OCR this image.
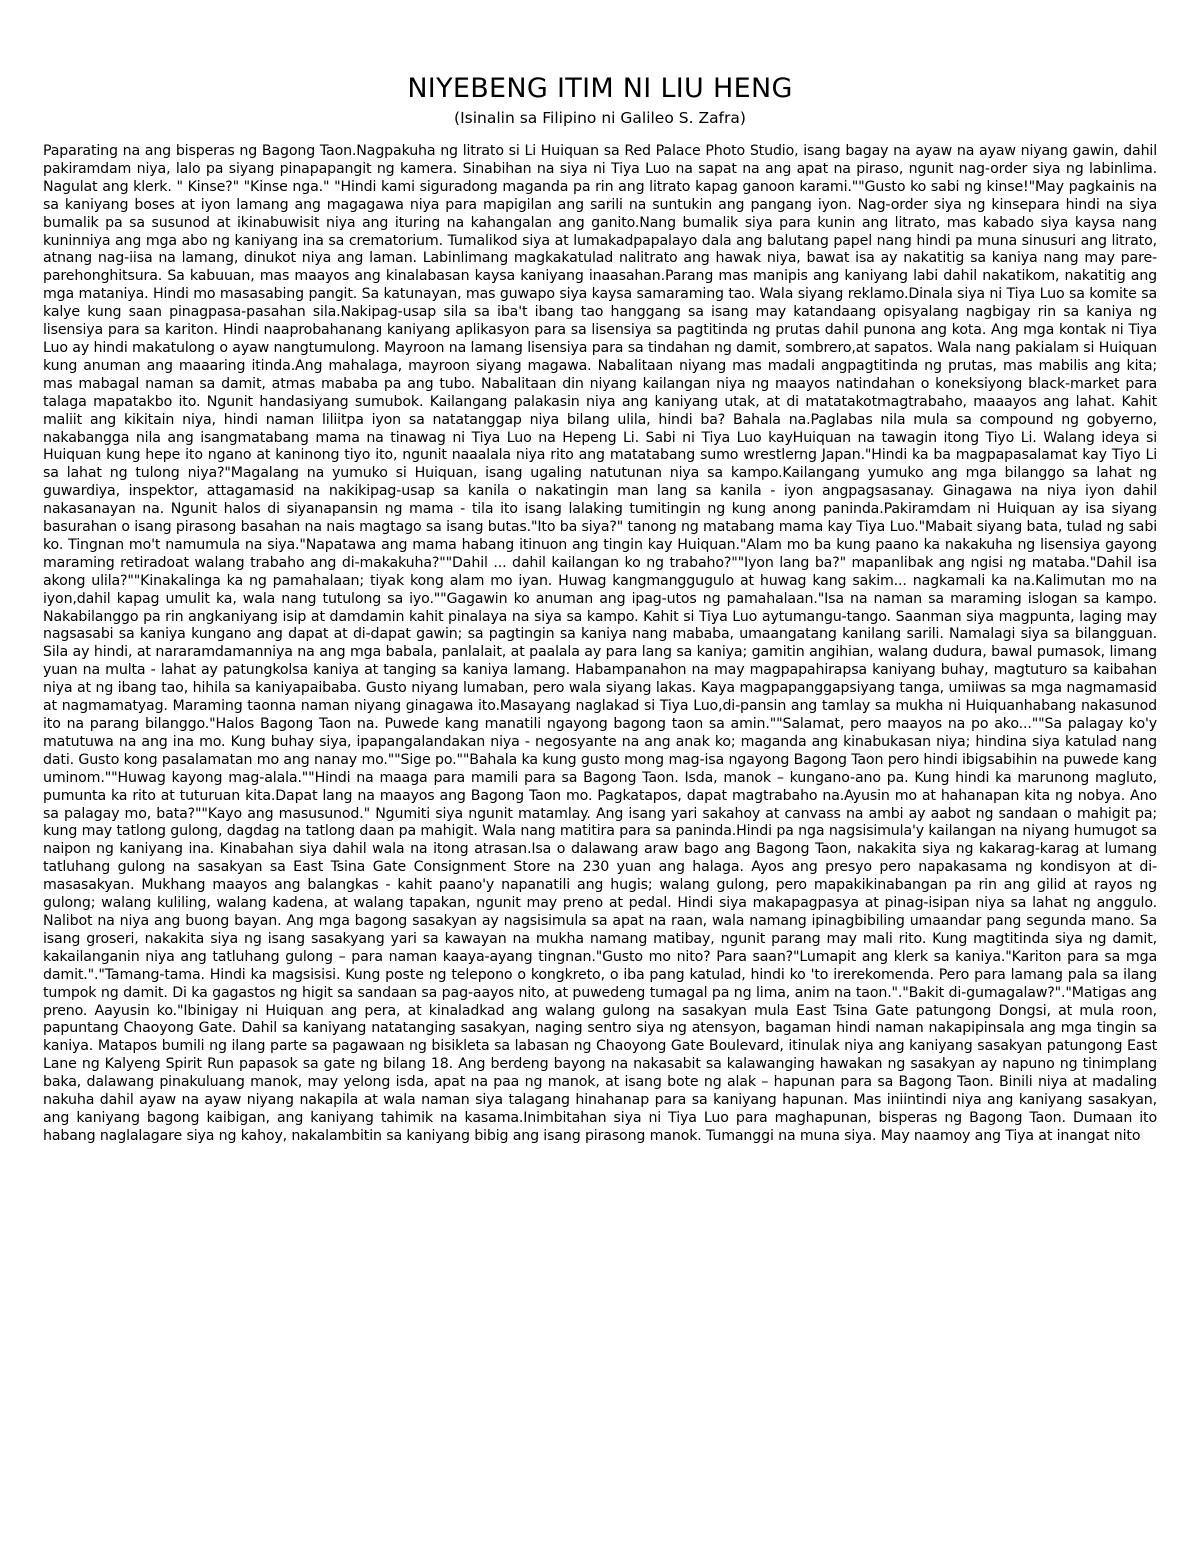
NIYEBENG ITIM NI LIU HENG

(Isinalin sa Filipino ni Galileo S. Zafra)

Paparating na ang bisperas ng Bagong Taon.Nagpakuha ng litrato si Li Huiquan sa Red Palace Photo Studio, isang bagay na ayaw na ayaw niyang gawin, dahil pakiramdam niya, lalo pa siyang pinapapangit ng kamera. Sinabihan na siya ni Tiya Luo na sapat na ang apat na piraso, ngunit nag-order siya ng labinlima. Nagulat ang klerk. " Kinse?" "Kinse nga." "Hindi kami siguradong maganda pa rin ang litrato kapag ganoon karami.""Gusto ko sabi ng kinse!"May pagkainis na sa kaniyang boses at iyon lamang ang magagawa niya para mapigilan ang sarili na suntukin ang pangang iyon. Nag-order siya ng kinsepara hindi na siya bumalik pa sa susunod at ikinabuwisit niya ang ituring na kahangalan ang ganito.Nang bumalik siya para kunin ang litrato, mas kabado siya kaysa nang kuninniya ang mga abo ng kaniyang ina sa crematorium. Tumalikod siya at lumakadpapalayo dala ang balutang papel nang hindi pa muna sinusuri ang litrato, atnang nag-iisa na lamang, dinukot niya ang laman. Labinlimang magkakatulad nalitrato ang hawak niya, bawat isa ay nakatitig sa kaniya nang may pare-parehonghitsura. Sa kabuuan, mas maayos ang kinalabasan kaysa kaniyang inaasahan.Parang mas manipis ang kaniyang labi dahil nakatikom, nakatitig ang mga mataniya. Hindi mo masasabing pangit. Sa katunayan, mas guwapo siya kaysa samaraming tao. Wala siyang reklamo.Dinala siya ni Tiya Luo sa komite sa kalye kung saan pinagpasa-pasahan sila.Nakipag-usap sila sa iba't ibang tao hanggang sa isang may katandaang opisyalang nagbigay rin sa kaniya ng lisensiya para sa kariton. Hindi naaprobahanang kaniyang aplikasyon para sa lisensiya sa pagtitinda ng prutas dahil punona ang kota. Ang mga kontak ni Tiya Luo ay hindi makatulong o ayaw nangtumulong. Mayroon na lamang lisensiya para sa tindahan ng damit, sombrero,at sapatos. Wala nang pakialam si Huiquan kung anuman ang maaaring itinda.Ang mahalaga, mayroon siyang magawa. Nabalitaan niyang mas madali angpagtitinda ng prutas, mas mabilis ang kita; mas mabagal naman sa damit, atmas mababa pa ang tubo. Nabalitaan din niyang kailangan niya ng maayos natindahan o koneksiyong black-market para talaga mapatakbo ito. Ngunit handasiyang sumubok. Kailangang palakasin niya ang kaniyang utak, at di matatakotmagtrabaho, maaayos ang lahat. Kahit maliit ang kikitain niya, hindi naman liliitpa iyon sa natatanggap niya bilang ulila, hindi ba? Bahala na.Paglabas nila mula sa compound ng gobyerno, nakabangga nila ang isangmatabang mama na tinawag ni Tiya Luo na Hepeng Li. Sabi ni Tiya Luo kayHuiquan na tawagin itong Tiyo Li. Walang ideya si Huiquan kung hepe ito ngano at kaninong tiyo ito, ngunit naaalala niya rito ang matatabang sumo wrestlerng Japan."Hindi ka ba magpapasalamat kay Tiyo Li sa lahat ng tulong niya?"Magalang na yumuko si Huiquan, isang ugaling natutunan niya sa kampo.Kailangang yumuko ang mga bilanggo sa lahat ng guwardiya, inspektor, attagamasid na nakikipag-usap sa kanila o nakatingin man lang sa kanila - iyon angpagsasanay. Ginagawa na niya iyon dahil nakasanayan na. Ngunit halos di siyanapansin ng mama - tila ito isang lalaking tumitingin ng kung anong paninda.Pakiramdam ni Huiquan ay isa siyang basurahan o isang pirasong basahan na nais magtago sa isang butas."Ito ba siya?" tanong ng matabang mama kay Tiya Luo."Mabait siyang bata, tulad ng sabi ko. Tingnan mo't namumula na siya."Napatawa ang mama habang itinuon ang tingin kay Huiquan."Alam mo ba kung paano ka nakakuha ng lisensiya gayong maraming retiradoat walang trabaho ang di-makakuha?""Dahil ... dahil kailangan ko ng trabaho?""Iyon lang ba?" mapanlibak ang ngisi ng mataba."Dahil isa akong ulila?""Kinakalinga ka ng pamahalaan; tiyak kong alam mo iyan. Huwag kangmanggugulo at huwag kang sakim... nagkamali ka na.Kalimutan mo na iyon,dahil kapag umulit ka, wala nang tutulong sa iyo.""Gagawin ko anuman ang ipag-utos ng pamahalaan."Isa na naman sa maraming islogan sa kampo. Nakabilanggo pa rin angkaniyang isip at damdamin kahit pinalaya na siya sa kampo. Kahit si Tiya Luo aytumangu-tango. Saanman siya magpunta, laging may nagsasabi sa kaniya kungano ang dapat at di-dapat gawin; sa pagtingin sa kaniya nang mababa, umaangatang kanilang sarili. Namalagi siya sa bilangguan. Sila ay hindi, at nararamdamanniya na ang mga babala, panlalait, at paalala ay para lang sa kaniya; gamitin angihian, walang dudura, bawal pumasok, limang yuan na multa - lahat ay patungkolsa kaniya at tanging sa kaniya lamang. Habampanahon na may magpapahirapsa kaniyang buhay, magtuturo sa kaibahan niya at ng ibang tao, hihila sa kaniyapaibaba. Gusto niyang lumaban, pero wala siyang lakas. Kaya magpapanggapsiyang tanga, umiiwas sa mga nagmamasid at nagmamatyag. Maraming taonna naman niyang ginagawa ito.Masayang naglakad si Tiya Luo,di-pansin ang tamlay sa mukha ni Huiquanhabang nakasunod ito na parang bilanggo."Halos Bagong Taon na. Puwede kang manatili ngayong bagong taon sa amin.""Salamat, pero maayos na po ako...""Sa palagay ko'y matutuwa na ang ina mo. Kung buhay siya, ipapangalandakan niya - negosyante na ang anak ko; maganda ang kinabukasan niya; hindina siya katulad nang dati. Gusto kong pasalamatan mo ang nanay mo.""Sige po.""Bahala ka kung gusto mong mag-isa ngayong Bagong Taon pero hindi ibigsabihin na puwede kang uminom.""Huwag kayong mag-alala.""Hindi na maaga para mamili para sa Bagong Taon. Isda, manok – kungano-ano pa. Kung hindi ka marunong magluto, pumunta ka rito at tuturuan kita.Dapat lang na maayos ang Bagong Taon mo. Pagkatapos, dapat magtrabaho na.Ayusin mo at hahanapan kita ng nobya. Ano sa palagay mo, bata?""Kayo ang masusunod." Ngumiti siya ngunit matamlay. Ang isang yari sakahoy at canvass na ambi ay aabot ng sandaan o mahigit pa; kung may tatlong gulong, dagdag na tatlong daan pa mahigit. Wala nang matitira para sa paninda.Hindi pa nga nagsisimula'y kailangan na niyang humugot sa naipon ng kaniyang ina. Kinabahan siya dahil wala na itong atrasan.Isa o dalawang araw bago ang Bagong Taon, nakakita siya ng kakarag-karag at lumang tatluhang gulong na sasakyan sa East Tsina Gate Consignment Store na 230 yuan ang halaga. Ayos ang presyo pero napakasama ng kondisyon at di-masasakyan. Mukhang maayos ang balangkas - kahit paano'y napanatili ang hugis; walang gulong, pero mapakikinabangan pa rin ang gilid at rayos ng gulong; walang kuliling, walang kadena, at walang tapakan, ngunit may preno at pedal. Hindi siya makapagpasya at pinag-isipan niya sa lahat ng anggulo. Nalibot na niya ang buong bayan. Ang mga bagong sasakyan ay nagsisimula sa apat na raan, wala namang ipinagbibiling umaandar pang segunda mano. Sa isang groseri, nakakita siya ng isang sasakyang yari sa kawayan na mukha namang matibay, ngunit parang may mali rito. Kung magtitinda siya ng damit, kakailanganin niya ang tatluhang gulong – para naman kaaya-ayang tingnan."Gusto mo nito? Para saan?"Lumapit ang klerk sa kaniya."Kariton para sa mga damit."."Tamang-tama. Hindi ka magsisisi. Kung poste ng telepono o kongkreto, o iba pang katulad, hindi ko 'to irerekomenda. Pero para lamang pala sa ilang tumpok ng damit. Di ka gagastos ng higit sa sandaan sa pag-aayos nito, at puwedeng tumagal pa ng lima, anim na taon."."Bakit di-gumagalaw?"."Matigas ang preno. Aayusin ko."Ibinigay ni Huiquan ang pera, at kinaladkad ang walang gulong na sasakyan mula East Tsina Gate patungong Dongsi, at mula roon, papuntang Chaoyong Gate. Dahil sa kaniyang natatanging sasakyan, naging sentro siya ng atensyon, bagaman hindi naman nakapipinsala ang mga tingin sa kaniya. Matapos bumili ng ilang parte sa pagawaan ng bisikleta sa labasan ng Chaoyong Gate Boulevard, itinulak niya ang kaniyang sasakyan patungong East Lane ng Kalyeng Spirit Run papasok sa gate ng bilang 18. Ang berdeng bayong na nakasabit sa kalawanging hawakan ng sasakyan ay napuno ng tinimplang baka, dalawang pinakuluang manok, may yelong isda, apat na paa ng manok, at isang bote ng alak – hapunan para sa Bagong Taon. Binili niya at madaling nakuha dahil ayaw na ayaw niyang nakapila at wala naman siya talagang hinahanap para sa kaniyang hapunan. Mas iniintindi niya ang kaniyang sasakyan, ang kaniyang bagong kaibigan, ang kaniyang tahimik na kasama.Inimbitahan siya ni Tiya Luo para maghapunan, bisperas ng Bagong Taon. Dumaan ito habang naglalagare siya ng kahoy, nakalambitin sa kaniyang bibig ang isang pirasong manok. Tumanggi na muna siya. May naamoy ang Tiya at inangat nito
